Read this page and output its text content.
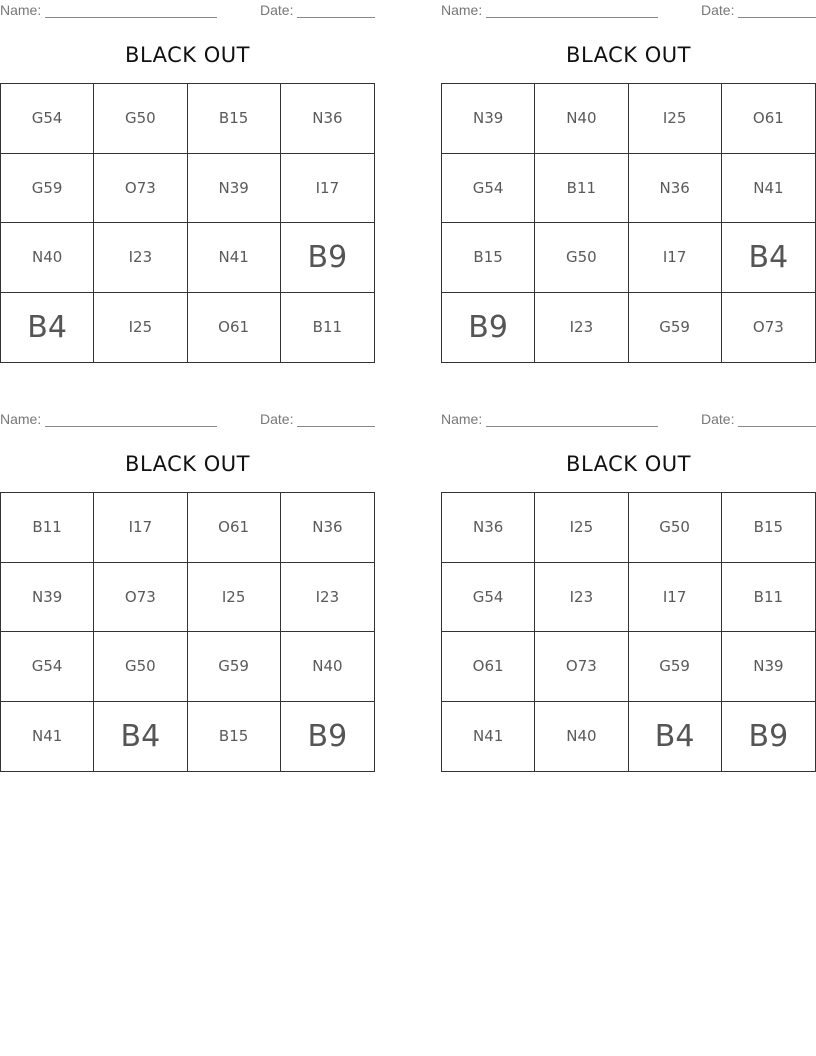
Name:	Date:
BLACK OUT
G54	G50	B15	N36
G59	O73	N39	I17
N40	I23	N41	B9
B4	I25	O61	B11
Name:	Date:
BLACK OUT
N39	N40	I25	O61
G54	B11	N36	N41
B15	G50	I17	B4
B9	I23	G59	O73
Name:	Date:
BLACK OUT
B11	I17	O61	N36
N39	O73	I25	I23
G54	G50	G59	N40
N41	B4	B15	B9
Name:	Date:
BLACK OUT
N36	I25	G50	B15
G54	I23	I17	B11
O61	O73	G59	N39
N41	N40	B4	B9
